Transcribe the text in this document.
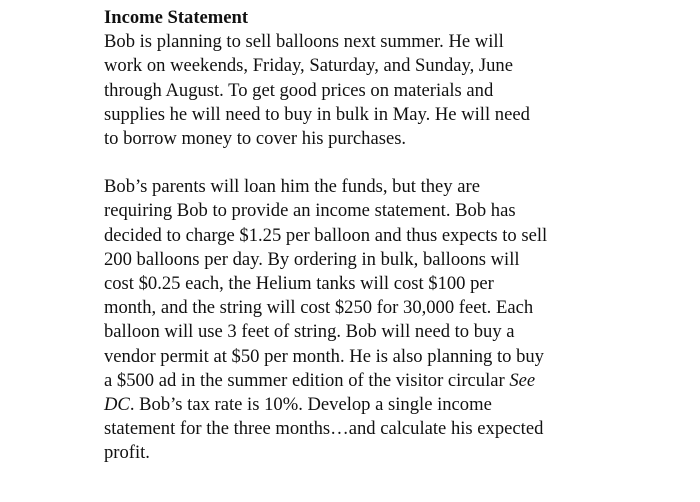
Income Statement

Bob is planning to sell balloons next summer. He will
work on weekends, Friday, Saturday, and Sunday, June
through August. To get good prices on materials and
supplies he will need to buy in bulk in May. He will need
to borrow money to cover his purchases.

Bob’s parents will loan him the funds, but they are
requiring Bob to provide an income statement. Bob has
decided to charge $1.25 per balloon and thus expects to sell
200 balloons per day. By ordering in bulk, balloons will
cost $0.25 each, the Helium tanks will cost $100 per
month, and the string will cost $250 for 30,000 feet. Each
balloon will use 3 feet of string. Bob will need to buy a
vendor permit at $50 per month. He is also planning to buy
a $500 ad in the summer edition of the visitor circular See
DC. Bob’s tax rate is 10%. Develop a single income
statement for the three months…and calculate his expected
profit.
